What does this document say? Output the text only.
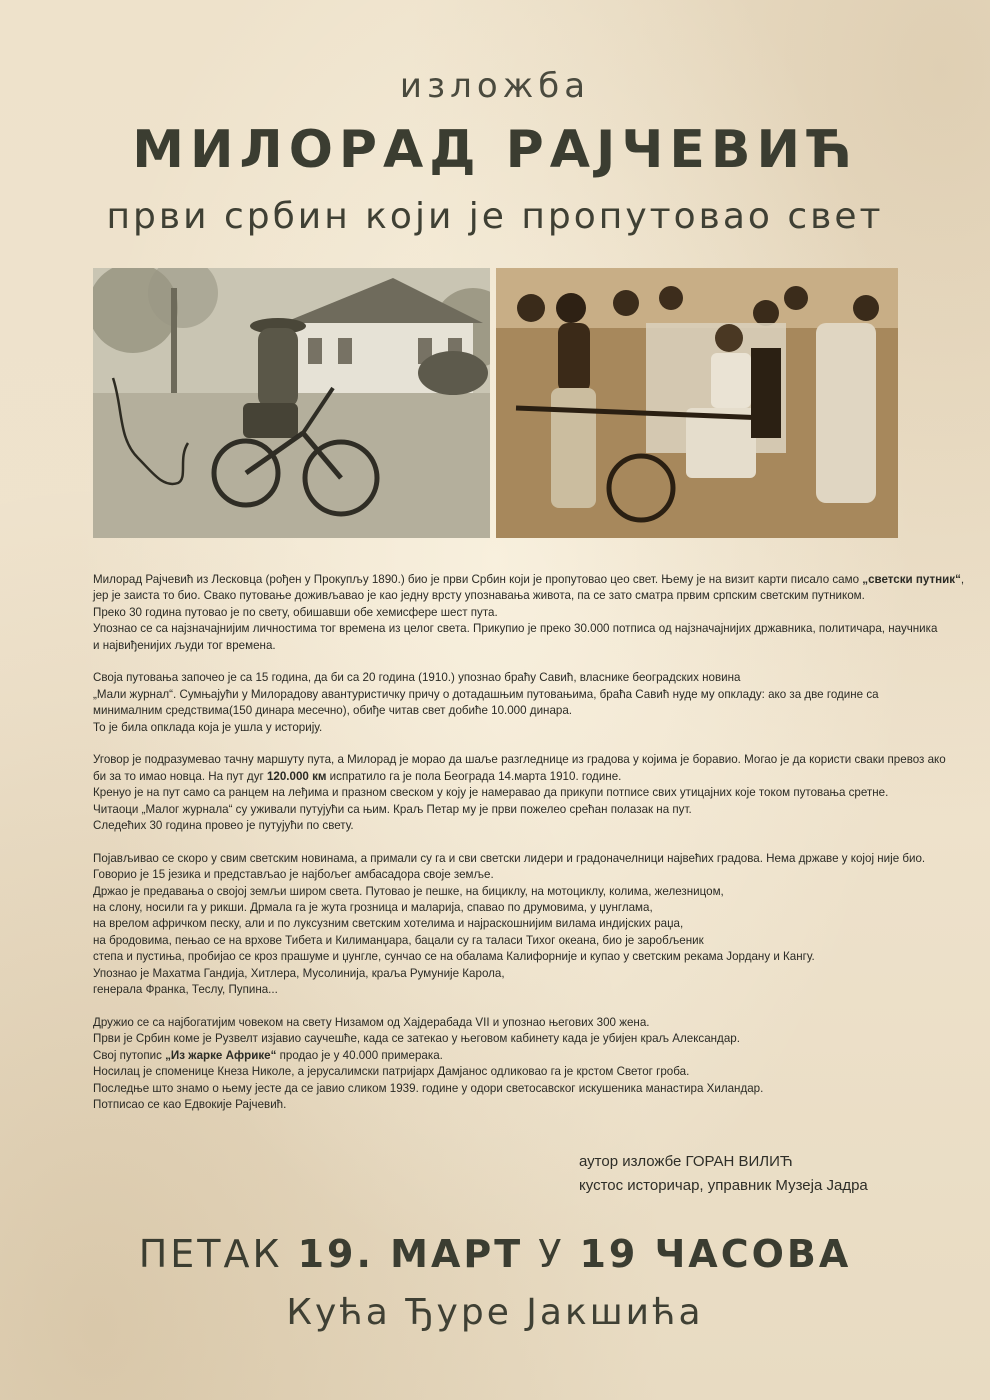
изложба
МИЛОРАД РАЈЧЕВИЋ
први србин који је пропутовао свет

Милорад Рајчевић из Лесковца (рођен у Прокупљу 1890.) био је први Србин који је пропутовао цео свет. Њему је на визит карти писало само „светски путник“,
јер је заиста то био. Свако путовање доживљавао је као једну врсту упознавања живота, па се зато сматра првим српским светским путником.
Преко 30 година путовао је по свету, обишавши обе хемисфере шест пута.
Упознао се са најзначајнијим личностима тог времена из целог света. Прикупио је преко 30.000 потписа од најзначајнијих државника, политичара, научника
и највиђенијих људи тог времена.

Своја путовања започео је са 15 година, да би са 20 година (1910.) упознао браћу Савић, власнике београдских новина
„Мали журнал“. Сумњајући у Милорадову авантуристичку причу о дотадашњим путовањима, браћа Савић нуде му опкладу: ако за две године са
минималним средствима(150 динара месечно), обиђе читав свет добиће 10.000 динара.
То је била опклада која је ушла у историју.

Уговор је подразумевао тачну маршуту пута, а Милорад је морао да шаље разгледнице из градова у којима је боравио. Могао је да користи сваки превоз ако
би за то имао новца. На пут дуг 120.000 км испратило га је пола Београда 14.марта 1910. године.
Кренуо је на пут само са ранцем на леђима и празном свеском у коју је намеравао да прикупи потписе свих утицајних које током путовања сретне.
Читаоци „Малог журнала“ су уживали путујући са њим. Краљ Петар му је први пожелео срећан полазак на пут.
Следећих 30 година провео је путујући по свету.

Појављивао се скоро у свим светским новинама, а примали су га и сви светски лидери и градоначелници највећих градова. Нема државе у којој није био.
Говорио је 15 језика и представљао је најбољег амбасадора своје земље.
Држао је предавања о својој земљи широм света. Путовао је пешке, на бициклу, на мотоциклу, колима, железницом,
на слону, носили га у рикши. Дрмала га је жута грозница и маларија, спавао по друмовима, у џунглама,
на врелом афричком песку, али и по луксузним светским хотелима и најраскошнијим вилама индијских раџа,
на бродовима, пењао се на врхове Тибета и Килиманџара, бацали су га таласи Тихог океана, био је заробљеник
степа и пустиња, пробијао се кроз прашуме и џунгле, сунчао се на обалама Калифорније и купао у светским рекама Јордану и Кангу.
Упознао је Махатма Гандија, Хитлера, Мусолинија, краља Румуније Карола,
генерала Франка, Теслу, Пупина...

Дружио се са најбогатијим човеком на свету Низамом од Хајдерабада VII и упознао његових 300 жена.
Први је Србин коме је Рузвелт изјавио саучешће, када се затекао у његовом кабинету када је убијен краљ Александар.
Свој путопис „Из жарке Африке“ продао је у 40.000 примерака.
Носилац је споменице Кнеза Николе, а јерусалимски патријарх Дамјанос одликовао га је крстом Светог гроба.
Последње што знамо о њему јесте да се јавио сликом 1939. године у одори светосавског искушеника манастира Хиландар.
Потписао се као Едвокије Рајчевић.

аутор изложбе ГОРАН ВИЛИЋ
кустос историчар, управник Музеја Јадра
ПЕТАК 19. МАРТ У 19 ЧАСОВА
Кућа Ђуре Јакшића
